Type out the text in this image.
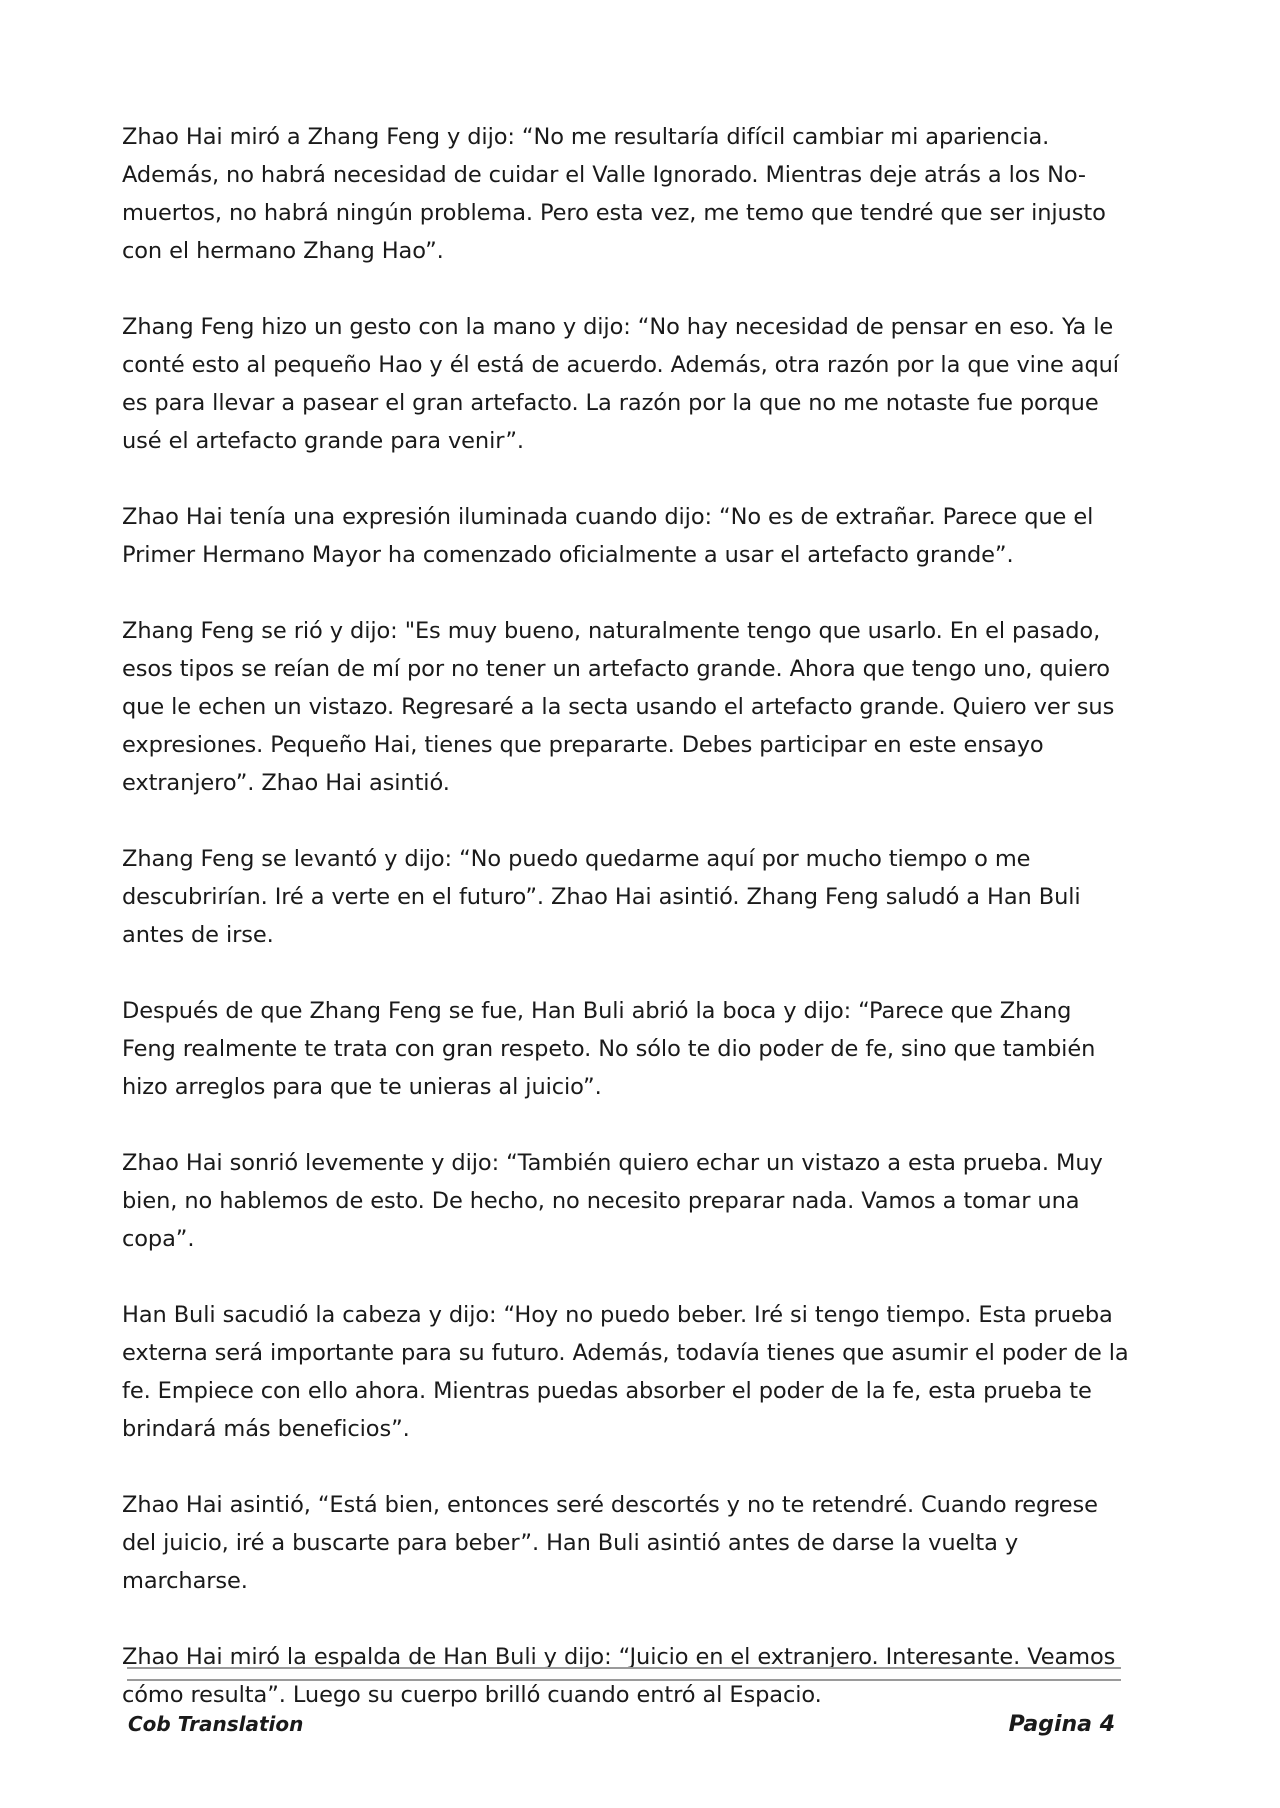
Zhao Hai miró a Zhang Feng y dijo: “No me resultaría difícil cambiar mi apariencia. Además, no habrá necesidad de cuidar el Valle Ignorado. Mientras deje atrás a los No-muertos, no habrá ningún problema. Pero esta vez, me temo que tendré que ser injusto con el hermano Zhang Hao”.

Zhang Feng hizo un gesto con la mano y dijo: “No hay necesidad de pensar en eso. Ya le conté esto al pequeño Hao y él está de acuerdo. Además, otra razón por la que vine aquí es para llevar a pasear el gran artefacto. La razón por la que no me notaste fue porque usé el artefacto grande para venir”.

Zhao Hai tenía una expresión iluminada cuando dijo: “No es de extrañar. Parece que el Primer Hermano Mayor ha comenzado oficialmente a usar el artefacto grande”.

Zhang Feng se rió y dijo: "Es muy bueno, naturalmente tengo que usarlo. En el pasado, esos tipos se reían de mí por no tener un artefacto grande. Ahora que tengo uno, quiero que le echen un vistazo. Regresaré a la secta usando el artefacto grande. Quiero ver sus expresiones. Pequeño Hai, tienes que prepararte. Debes participar en este ensayo extranjero”. Zhao Hai asintió.

Zhang Feng se levantó y dijo: “No puedo quedarme aquí por mucho tiempo o me descubrirían. Iré a verte en el futuro”. Zhao Hai asintió. Zhang Feng saludó a Han Buli antes de irse.

Después de que Zhang Feng se fue, Han Buli abrió la boca y dijo: “Parece que Zhang Feng realmente te trata con gran respeto. No sólo te dio poder de fe, sino que también hizo arreglos para que te unieras al juicio”.

Zhao Hai sonrió levemente y dijo: “También quiero echar un vistazo a esta prueba. Muy bien, no hablemos de esto. De hecho, no necesito preparar nada. Vamos a tomar una copa”.

Han Buli sacudió la cabeza y dijo: “Hoy no puedo beber. Iré si tengo tiempo. Esta prueba externa será importante para su futuro. Además, todavía tienes que asumir el poder de la fe. Empiece con ello ahora. Mientras puedas absorber el poder de la fe, esta prueba te brindará más beneficios”.

Zhao Hai asintió, “Está bien, entonces seré descortés y no te retendré. Cuando regrese del juicio, iré a buscarte para beber”. Han Buli asintió antes de darse la vuelta y marcharse.

Zhao Hai miró la espalda de Han Buli y dijo: “Juicio en el extranjero. Interesante. Veamos cómo resulta”. Luego su cuerpo brilló cuando entró al Espacio.

Cob Translation	Pagina 4
